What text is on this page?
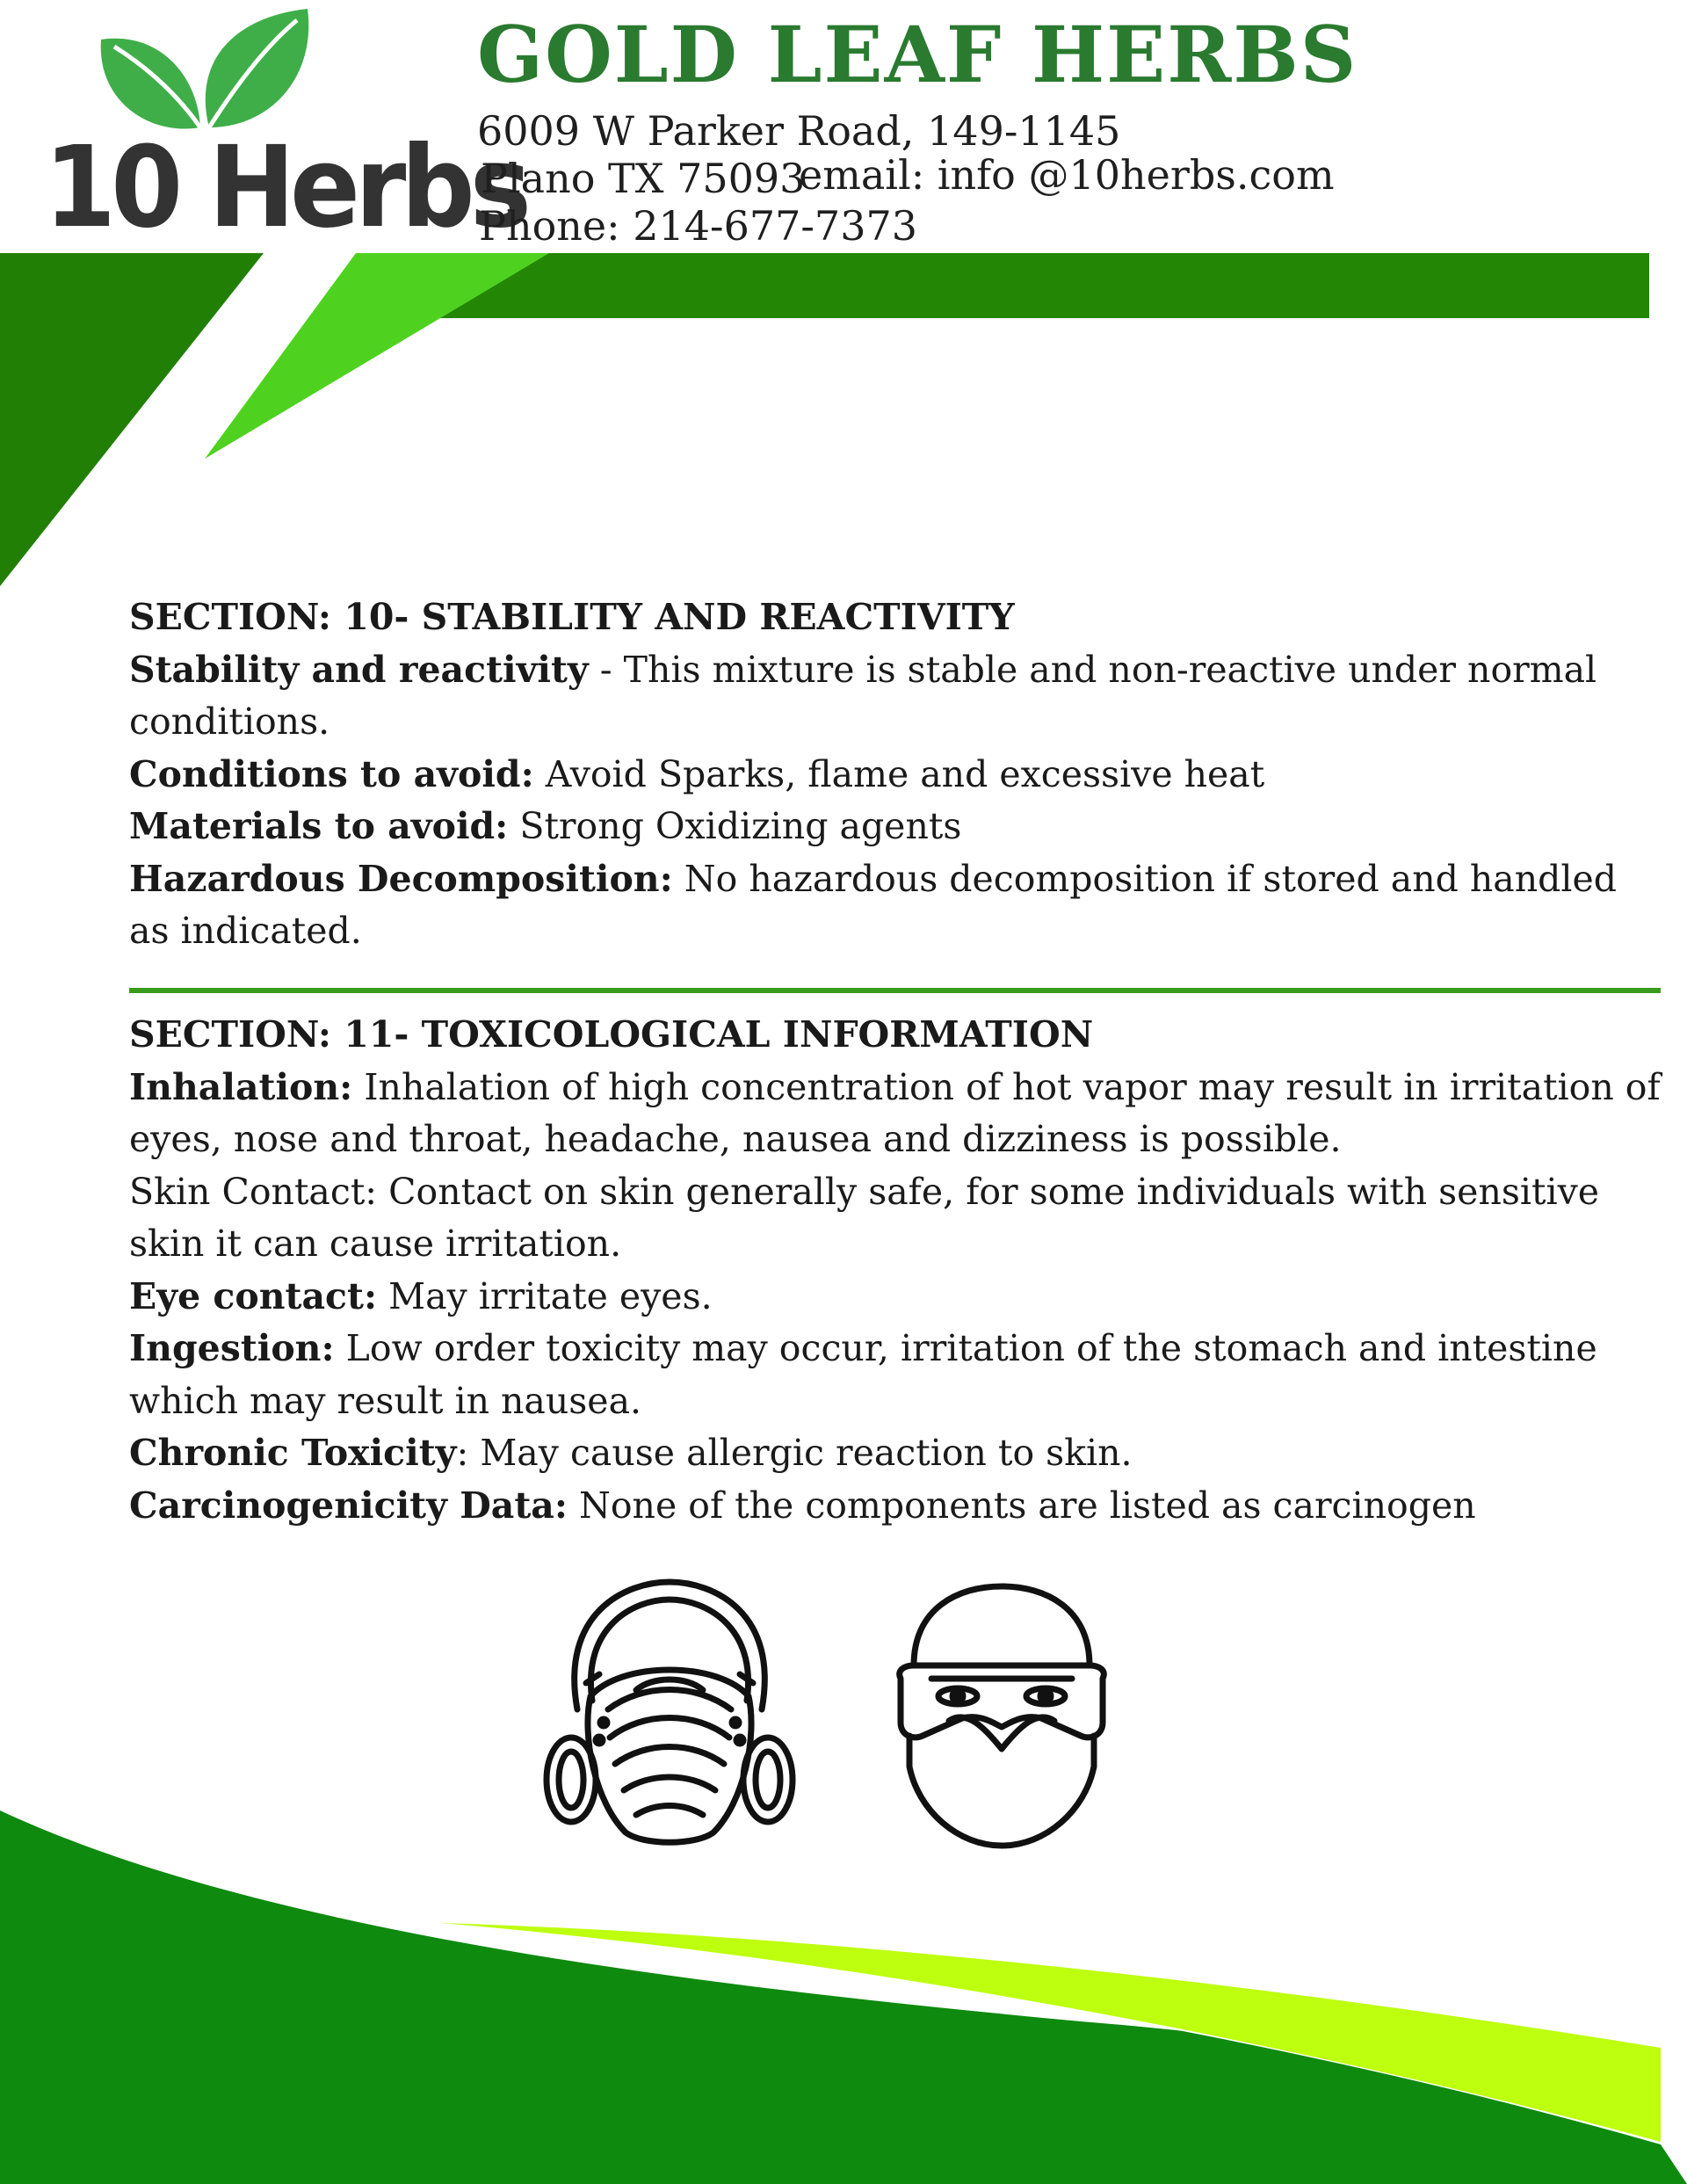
10 Herbs
GOLD LEAF HERBS
6009 W Parker Road, 149-1145
Plano TX 75093
email: info @10herbs.com
Phone: 214-677-7373

SECTION: 10- STABILITY AND REACTIVITY

Stability and reactivity - This mixture is stable and non-reactive under normal conditions.

Conditions to avoid: Avoid Sparks, flame and excessive heat

Materials to avoid: Strong Oxidizing agents

Hazardous Decomposition: No hazardous decomposition if stored and handled as indicated.

SECTION: 11- TOXICOLOGICAL INFORMATION

Inhalation: Inhalation of high concentration of hot vapor may result in irritation of eyes, nose and throat, headache, nausea and dizziness is possible.

Skin Contact: Contact on skin generally safe, for some individuals with sensitive skin it can cause irritation.

Eye contact: May irritate eyes.

Ingestion: Low order toxicity may occur, irritation of the stomach and intestine which may result in nausea.

Chronic Toxicity: May cause allergic reaction to skin.

Carcinogenicity Data: None of the components are listed as carcinogen
